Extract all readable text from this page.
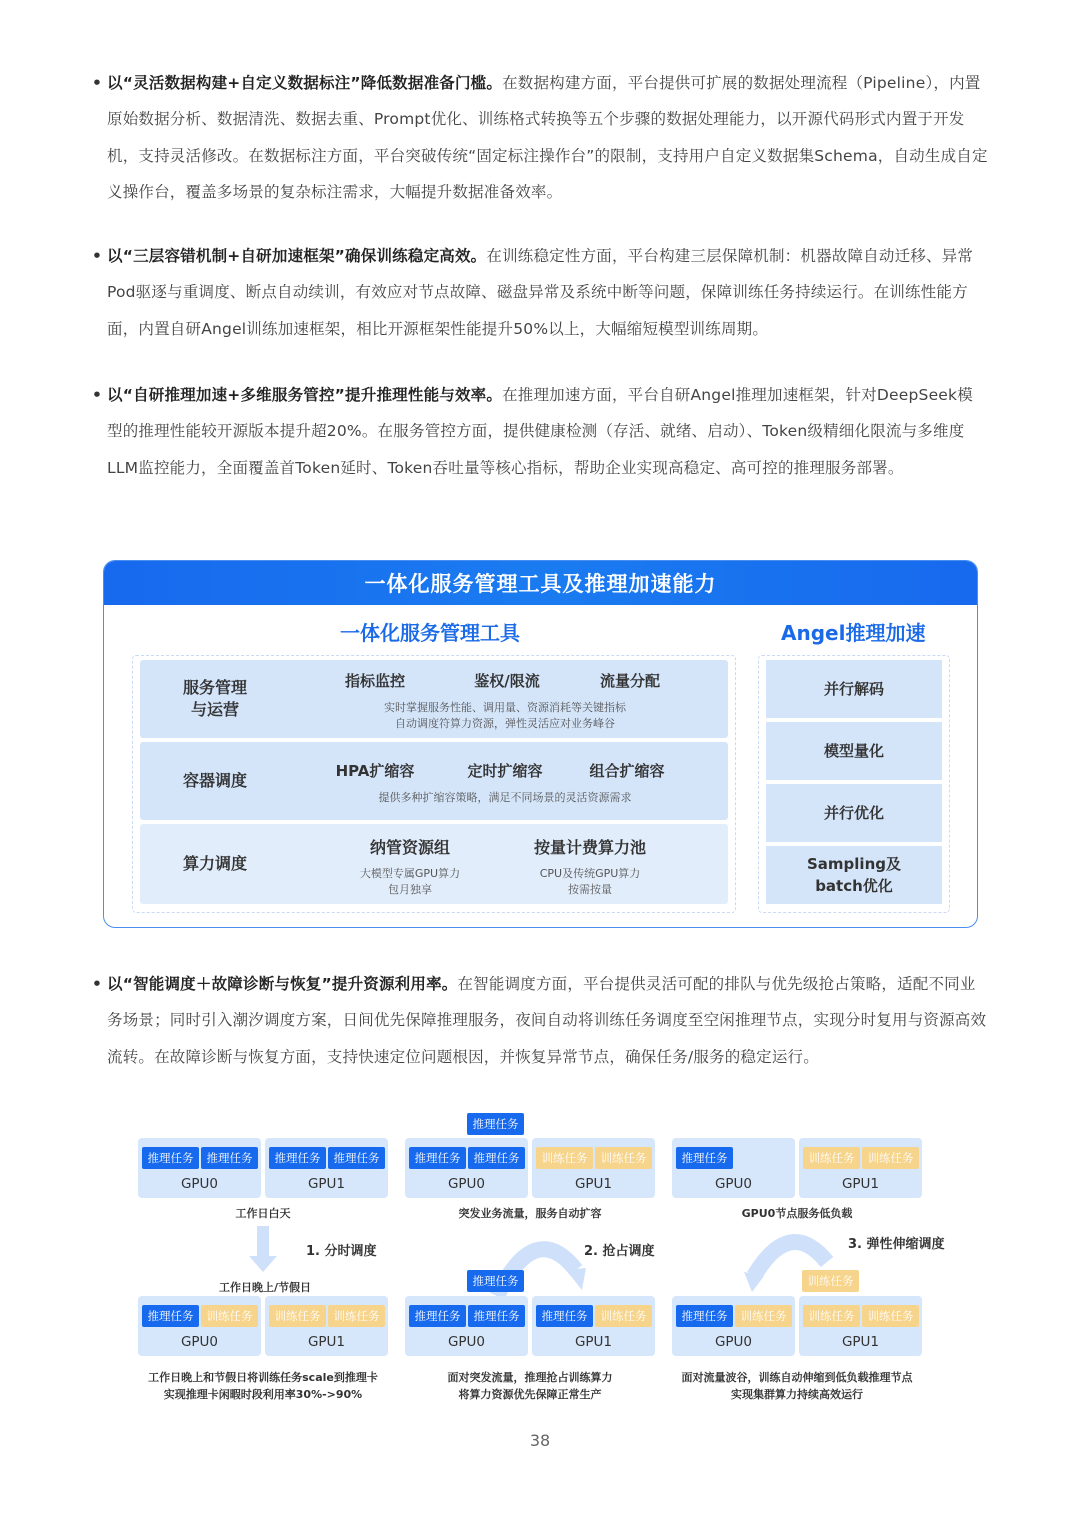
• 以“灵活数据构建+自定义数据标注”降低数据准备门槛。在数据构建方面，平台提供可扩展的数据处理流程（Pipeline），内置原始数据分析、数据清洗、数据去重、Prompt优化、训练格式转换等五个步骤的数据处理能力，以开源代码形式内置于开发机，支持灵活修改。在数据标注方面，平台突破传统“固定标注操作台”的限制，支持用户自定义数据集Schema，自动生成自定义操作台，覆盖多场景的复杂标注需求，大幅提升数据准备效率。
• 以“三层容错机制+自研加速框架”确保训练稳定高效。在训练稳定性方面，平台构建三层保障机制：机器故障自动迁移、异常Pod驱逐与重调度、断点自动续训，有效应对节点故障、磁盘异常及系统中断等问题，保障训练任务持续运行。在训练性能方面，内置自研Angel训练加速框架，相比开源框架性能提升50%以上，大幅缩短模型训练周期。
• 以“自研推理加速+多维服务管控”提升推理性能与效率。在推理加速方面，平台自研Angel推理加速框架，针对DeepSeek模型的推理性能较开源版本提升超20%。在服务管控方面，提供健康检测（存活、就绪、启动）、Token级精细化限流与多维度LLM监控能力，全面覆盖首Token延时、Token吞吐量等核心指标，帮助企业实现高稳定、高可控的推理服务部署。
一体化服务管理工具及推理加速能力
一体化服务管理工具	Angel推理加速
服务管理
与运营
指标监控	鉴权/限流	流量分配
实时掌握服务性能、调用量、资源消耗等关键指标
自动调度符算力资源，弹性灵活应对业务峰谷
容器调度	HPA扩缩容	定时扩缩容	组合扩缩容
提供多种扩缩容策略，满足不同场景的灵活资源需求
算力调度
纳管资源组	按量计费算力池
大模型专属GPU算力
包月独享
CPU及传统GPU算力
按需按量
并行解码
模型量化
并行优化
Sampling及
batch优化
• 以“智能调度＋故障诊断与恢复”提升资源利用率。在智能调度方面，平台提供灵活可配的排队与优先级抢占策略，适配不同业务场景；同时引入潮汐调度方案，日间优先保障推理服务，夜间自动将训练任务调度至空闲推理节点，实现分时复用与资源高效流转。在故障诊断与恢复方面，支持快速定位问题根因，并恢复异常节点，确保任务/服务的稳定运行。
推理任务	推理任务
GPU0
推理任务	推理任务
GPU1
工作日白天
推理任务
推理任务	推理任务
GPU0
训练任务	训练任务
GPU1
突发业务流量，服务自动扩容
推理任务
GPU0
训练任务	训练任务
GPU1
GPU0节点服务低负载
1. 分时调度	2. 抢占调度	3. 弹性伸缩调度
工作日晚上/节假日
推理任务	训练任务
GPU0
训练任务	训练任务
GPU1
工作日晚上和节假日将训练任务scale到推理卡
实现推理卡闲暇时段利用率30%->90%
推理任务
推理任务	推理任务
GPU0
推理任务	训练任务
GPU1
面对突发流量，推理抢占训练算力
将算力资源优先保障正常生产
训练任务
推理任务	训练任务
GPU0
训练任务	训练任务
GPU1
面对流量波谷，训练自动伸缩到低负载推理节点
实现集群算力持续高效运行
38
